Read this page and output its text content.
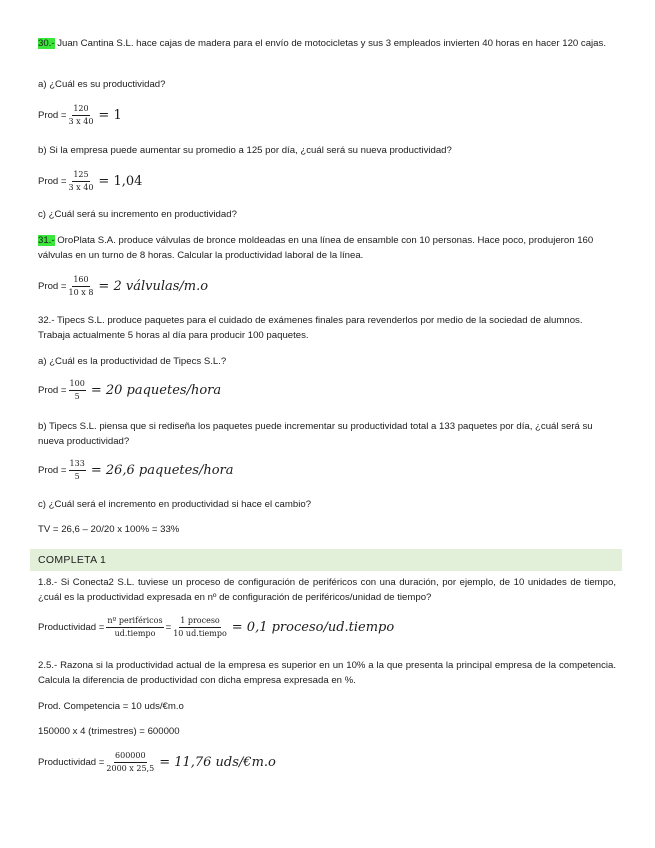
30.- Juan Cantina S.L. hace cajas de madera para el envío de motocicletas y sus 3 empleados invierten 40 horas en hacer 120 cajas.

a) ¿Cuál es su productividad?

Prod = $\frac{120}{3 x 40} = 1$

b) Si la empresa puede aumentar su promedio a 125 por día, ¿cuál será su nueva productividad?

Prod = $\frac{125}{3 x 40} = 1,04$

c) ¿Cuál será su incremento en productividad?

31.- OroPlata S.A. produce válvulas de bronce moldeadas en una línea de ensamble con 10 personas. Hace poco, produjeron 160 válvulas en un turno de 8 horas. Calcular la productividad laboral de la línea.

Prod = $\frac{160}{10 x 8} = 2$ válvulas/m.o

32.- Tipecs S.L. produce paquetes para el cuidado de exámenes finales para revenderlos por medio de la sociedad de alumnos. Trabaja actualmente 5 horas al día para producir 100 paquetes.

a) ¿Cuál es la productividad de Tipecs S.L.?

Prod = $\frac{100}{5} = 20$ paquetes/hora

b) Tipecs S.L. piensa que si rediseña los paquetes puede incrementar su productividad total a 133 paquetes por día, ¿cuál será su nueva productividad?

Prod = $\frac{133}{5} = 26,6$ paquetes/hora

c) ¿Cuál será el incremento en productividad si hace el cambio?

TV = 26,6 – 20/20 x 100% = 33%

1.8.- Si Conecta2 S.L. tuviese un proceso de configuración de periféricos con una duración, por ejemplo, de 10 unidades de tiempo, ¿cuál es la productividad expresada en nº de configuración de periféricos/unidad de tiempo?

Productividad = $\frac{\text{nº periféricos}}{\text{ud.tiempo}} = \frac{\text{1 proceso}}{\text{10 ud.tiempo}} = 0,1$ proceso/ud.tiempo

2.5.- Razona si la productividad actual de la empresa es superior en un 10% a la que presenta la principal empresa de la competencia. Calcula la diferencia de productividad con dicha empresa expresada en %.

Prod. Competencia = 10 uds/€m.o

150000 x 4 (trimestres) = 600000

Productividad = $\frac{600000}{2000 x 25,5} = 11,76$ uds/€m.o
COMPLETA 1
